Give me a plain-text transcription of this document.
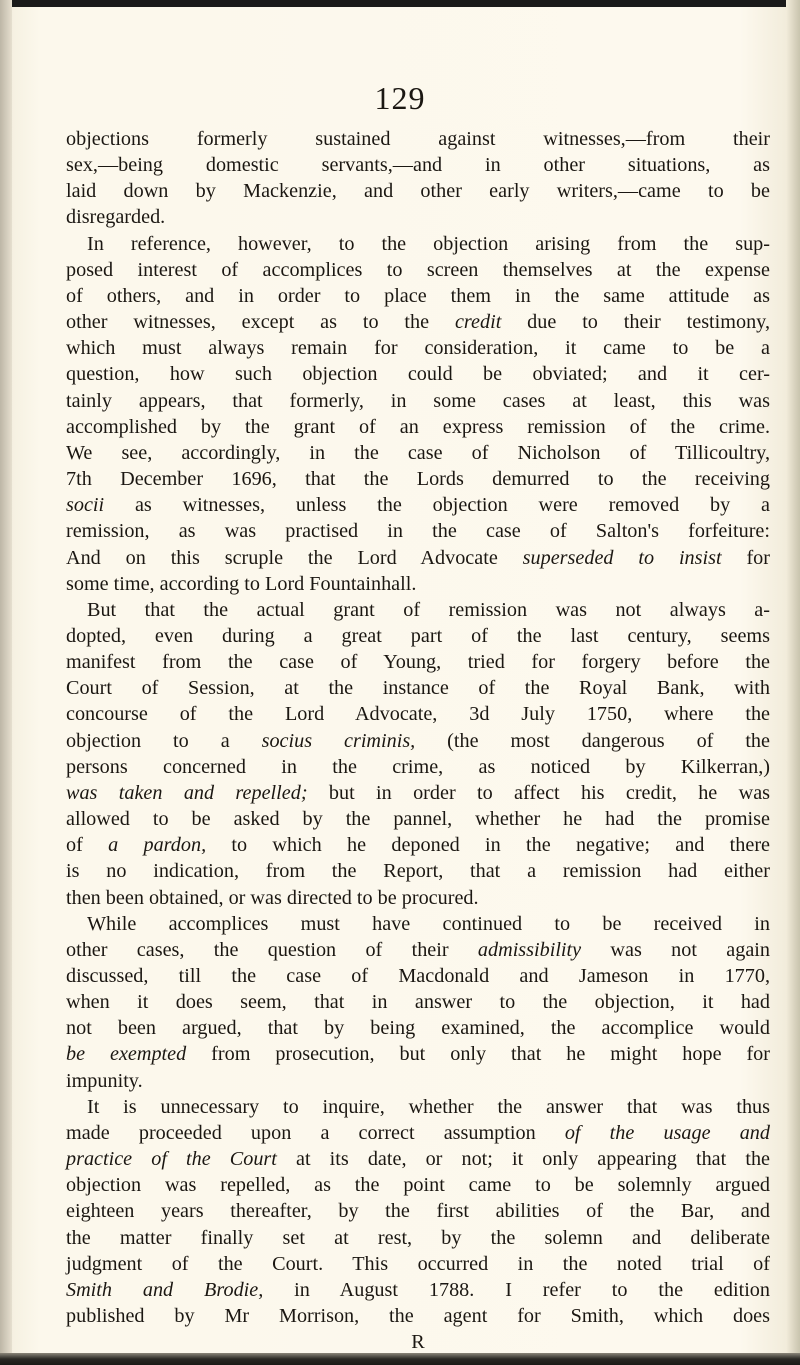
129
objections formerly sustained against witnesses,—from their
sex,—being domestic servants,—and in other situations, as
laid down by Mackenzie, and other early writers,—came to be
disregarded.
In reference, however, to the objection arising from the sup-
posed interest of accomplices to screen themselves at the expense
of others, and in order to place them in the same attitude as
other witnesses, except as to the credit due to their testimony,
which must always remain for consideration, it came to be a
question, how such objection could be obviated; and it cer-
tainly appears, that formerly, in some cases at least, this was
accomplished by the grant of an express remission of the crime.
We see, accordingly, in the case of Nicholson of Tillicoultry,
7th December 1696, that the Lords demurred to the receiving
socii as witnesses, unless the objection were removed by a
remission, as was practised in the case of Salton's forfeiture:
And on this scruple the Lord Advocate superseded to insist for
some time, according to Lord Fountainhall.
But that the actual grant of remission was not always a-
dopted, even during a great part of the last century, seems
manifest from the case of Young, tried for forgery before the
Court of Session, at the instance of the Royal Bank, with
concourse of the Lord Advocate, 3d July 1750, where the
objection to a socius criminis, (the most dangerous of the
persons concerned in the crime, as noticed by Kilkerran,)
was taken and repelled; but in order to affect his credit, he was
allowed to be asked by the pannel, whether he had the promise
of a pardon, to which he deponed in the negative; and there
is no indication, from the Report, that a remission had either
then been obtained, or was directed to be procured.
While accomplices must have continued to be received in
other cases, the question of their admissibility was not again
discussed, till the case of Macdonald and Jameson in 1770,
when it does seem, that in answer to the objection, it had
not been argued, that by being examined, the accomplice would
be exempted from prosecution, but only that he might hope for
impunity.
It is unnecessary to inquire, whether the answer that was thus
made proceeded upon a correct assumption of the usage and
practice of the Court at its date, or not; it only appearing that the
objection was repelled, as the point came to be solemnly argued
eighteen years thereafter, by the first abilities of the Bar, and
the matter finally set at rest, by the solemn and deliberate
judgment of the Court. This occurred in the noted trial of
Smith and Brodie, in August 1788. I refer to the edition
published by Mr Morrison, the agent for Smith, which does
R
